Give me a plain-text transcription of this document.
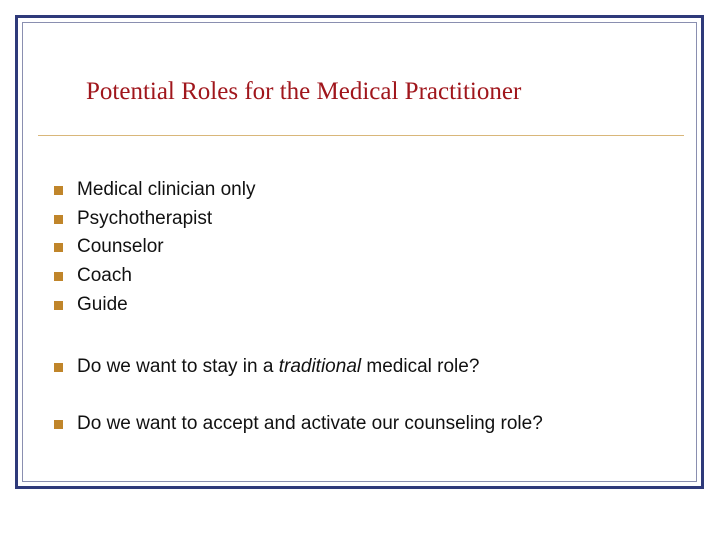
Potential Roles for the Medical Practitioner
Medical clinician only
Psychotherapist
Counselor
Coach
Guide
Do we want to stay in a traditional medical role?
Do we want to accept and activate our counseling role?
